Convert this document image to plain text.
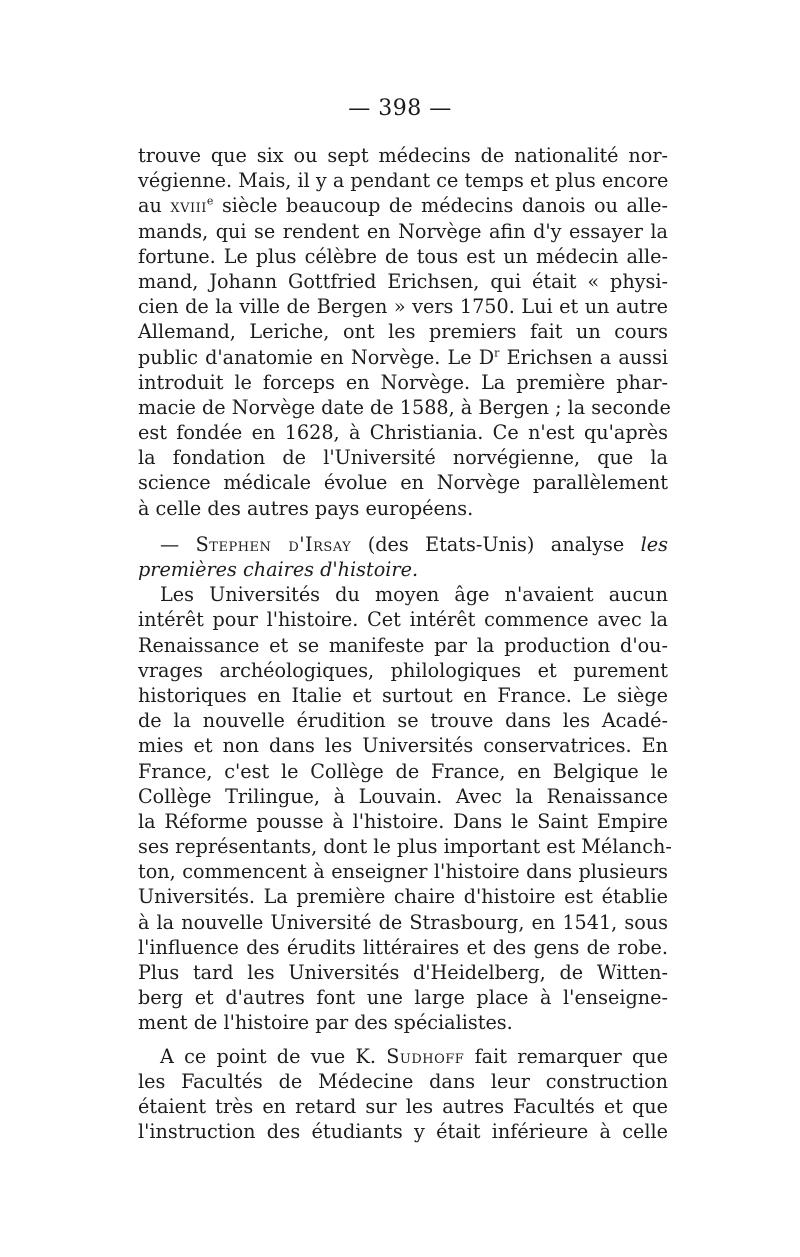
— 398 —
trouve que six ou sept médecins de nationalité nor-
végienne. Mais, il y a pendant ce temps et plus encore
au xviii$^e$ siècle beaucoup de médecins danois ou alle-
mands, qui se rendent en Norvège afin d'y essayer la
fortune. Le plus célèbre de tous est un médecin alle-
mand, Johann Gottfried Erichsen, qui était « physi-
cien de la ville de Bergen » vers 1750. Lui et un autre
Allemand, Leriche, ont les premiers fait un cours
public d'anatomie en Norvège. Le $D^r$ Erichsen a aussi
introduit le forceps en Norvège. La première phar-
macie de Norvège date de 1588, à Bergen ; la seconde
est fondée en 1628, à Christiania. Ce n'est qu'après
la fondation de l'Université norvégienne, que la
science médicale évolue en Norvège parallèlement
à celle des autres pays européens.
— Stephen d'Irsay (des Etats-Unis) analyse les
premières chaires d'histoire.
Les Universités du moyen âge n'avaient aucun
intérêt pour l'histoire. Cet intérêt commence avec la
Renaissance et se manifeste par la production d'ou-
vrages archéologiques, philologiques et purement
historiques en Italie et surtout en France. Le siège
de la nouvelle érudition se trouve dans les Acadé-
mies et non dans les Universités conservatrices. En
France, c'est le Collège de France, en Belgique le
Collège Trilingue, à Louvain. Avec la Renaissance
la Réforme pousse à l'histoire. Dans le Saint Empire
ses représentants, dont le plus important est Mélanch-
ton, commencent à enseigner l'histoire dans plusieurs
Universités. La première chaire d'histoire est établie
à la nouvelle Université de Strasbourg, en 1541, sous
l'influence des érudits littéraires et des gens de robe.
Plus tard les Universités d'Heidelberg, de Witten-
berg et d'autres font une large place à l'enseigne-
ment de l'histoire par des spécialistes.
A ce point de vue K. Sudhoff fait remarquer que
les Facultés de Médecine dans leur construction
étaient très en retard sur les autres Facultés et que
l'instruction des étudiants y était inférieure à celle
